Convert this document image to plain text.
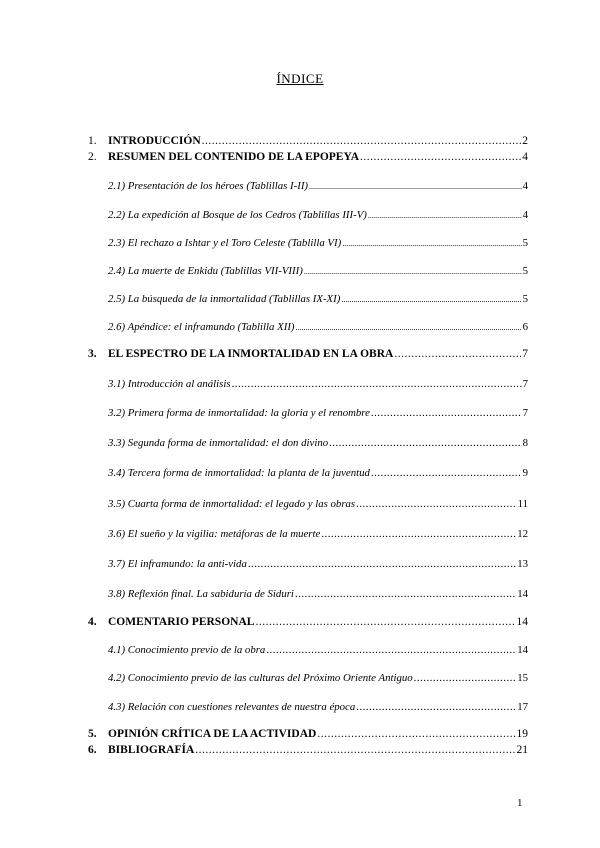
ÍNDICE
1. INTRODUCCIÓN .....	2
2. RESUMEN DEL CONTENIDO DE LA EPOPEYA .....	4
2.1) Presentación de los héroes (Tablillas I-II) .....	4
2.2) La expedición al Bosque de los Cedros (Tablillas III-V) .....	4
2.3) El rechazo a Ishtar y el Toro Celeste (Tablilla VI) .....	5
2.4) La muerte de Enkidu (Tablillas VII-VIII) .....	5
2.5) La búsqueda de la inmortalidad (Tablillas IX-XI) .....	5
2.6) Apéndice: el inframundo (Tablilla XII) .....	6
3. EL ESPECTRO DE LA INMORTALIDAD EN LA OBRA .....	7
3.1) Introducción al análisis .....	7
3.2) Primera forma de inmortalidad: la gloria y el renombre .....	7
3.3) Segunda forma de inmortalidad: el don divino .....	8
3.4) Tercera forma de inmortalidad: la planta de la juventud .....	9
3.5) Cuarta forma de inmortalidad: el legado y las obras .....	11
3.6) El sueño y la vigilia: metáforas de la muerte .....	12
3.7) El inframundo: la anti-vida .....	13
3.8) Reflexión final. La sabiduría de Siduri .....	14
4. COMENTARIO PERSONAL .....	14
4.1) Conocimiento previo de la obra .....	14
4.2) Conocimiento previo de las culturas del Próximo Oriente Antiguo .....	15
4.3) Relación con cuestiones relevantes de nuestra época .....	17
5. OPINIÓN CRÍTICA DE LA ACTIVIDAD .....	19
6. BIBLIOGRAFÍA .....	21
1
